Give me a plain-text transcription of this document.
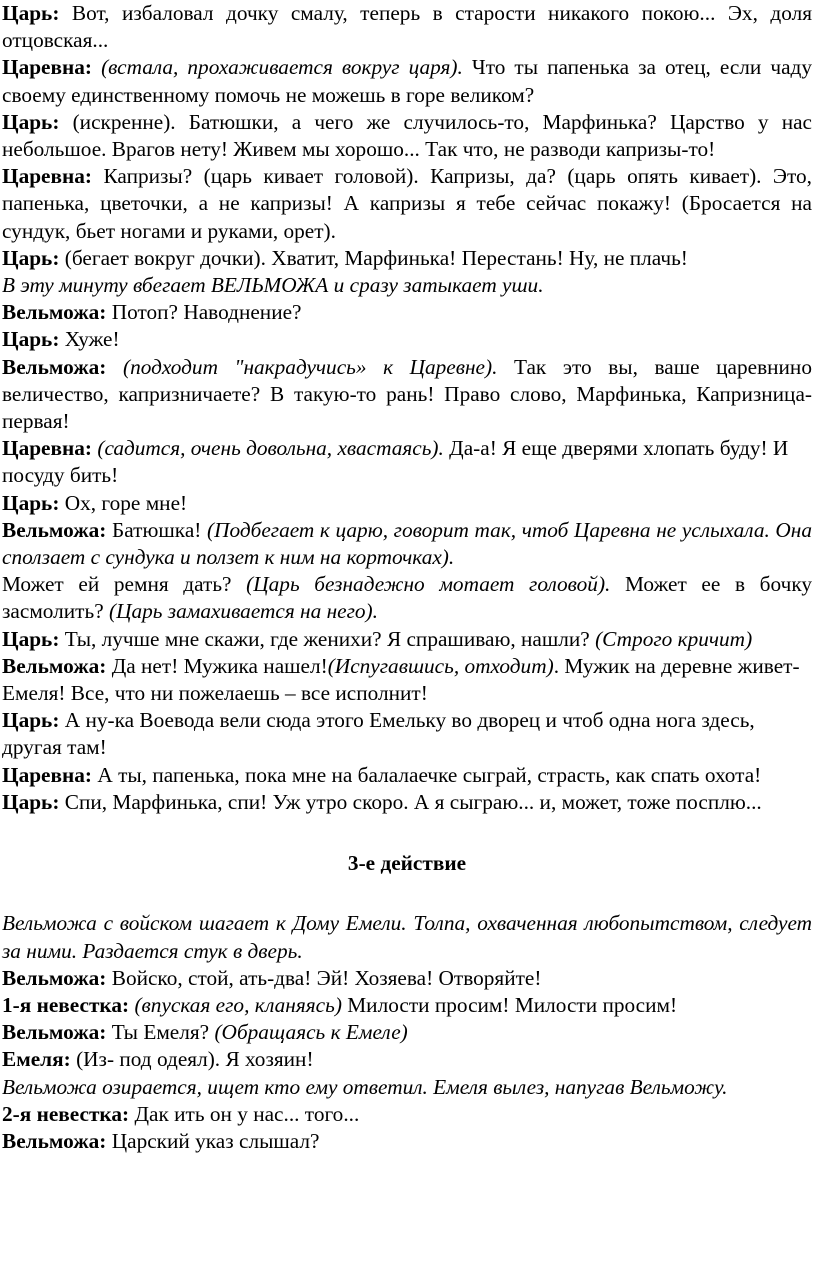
Царь: Вот, избаловал дочку смалу, теперь в старости никакого покою... Эх, доля отцовская...

Царевна: (встала, прохаживается вокруг царя). Что ты папенька за отец, если чаду своему единственному помочь не можешь в горе великом?

Царь: (искренне). Батюшки, а чего же случилось-то, Марфинька? Царство у нас небольшое. Врагов нету! Живем мы хорошо... Так что, не разводи капризы-то!

Царевна: Капризы? (царь кивает головой). Капризы, да? (царь опять кивает). Это, папенька, цветочки, а не капризы! А капризы я тебе сейчас покажу! (Бросается на сундук, бьет ногами и руками, орет).

Царь: (бегает вокруг дочки). Хватит, Марфинька! Перестань! Ну, не плачь!

В эту минуту вбегает ВЕЛЬМОЖА и сразу затыкает уши.

Вельможа: Потоп? Наводнение?

Царь: Хуже!

Вельможа: (подходит "накрадучись» к Царевне). Так это вы, ваше царевнино величество, капризничаете? В такую-то рань! Право слово, Марфинька, Капризница-первая!

Царевна: (садится, очень довольна, хвастаясь). Да-а! Я еще дверями хлопать буду! И посуду бить!

Царь: Ох, горе мне!

Вельможа: Батюшка! (Подбегает к царю, говорит так, чтоб Царевна не услыхала. Она сползает с сундука и ползет к ним на корточках).

Может ей ремня дать? (Царь безнадежно мотает головой). Может ее в бочку засмолить? (Царь замахивается на него).

Царь: Ты, лучше мне скажи, где женихи? Я спрашиваю, нашли? (Строго кричит)

Вельможа: Да нет! Мужика нашел!(Испугавшись, отходит). Мужик на деревне живет- Емеля! Все, что ни пожелаешь – все исполнит!

Царь: А ну-ка Воевода вели сюда этого Емельку во дворец и чтоб одна нога здесь, другая там!

Царевна: А ты, папенька, пока мне на балалаечке сыграй, страсть, как спать охота!

Царь: Спи, Марфинька, спи! Уж утро скоро. А я сыграю... и, может, тоже посплю...

3-е действие

Вельможа с войском шагает к Дому Емели. Толпа, охваченная любопытством, следует за ними. Раздается стук в дверь.

Вельможа: Войско, стой, ать-два! Эй! Хозяева! Отворяйте!

1-я невестка: (впуская его, кланяясь) Милости просим! Милости просим!

Вельможа: Ты Емеля? (Обращаясь к Емеле)

Емеля: (Из- под одеял). Я хозяин!

Вельможа озирается, ищет кто ему ответил. Емеля вылез, напугав Вельможу.

2-я невестка: Дак ить он у нас... того...

Вельможа: Царский указ слышал?
